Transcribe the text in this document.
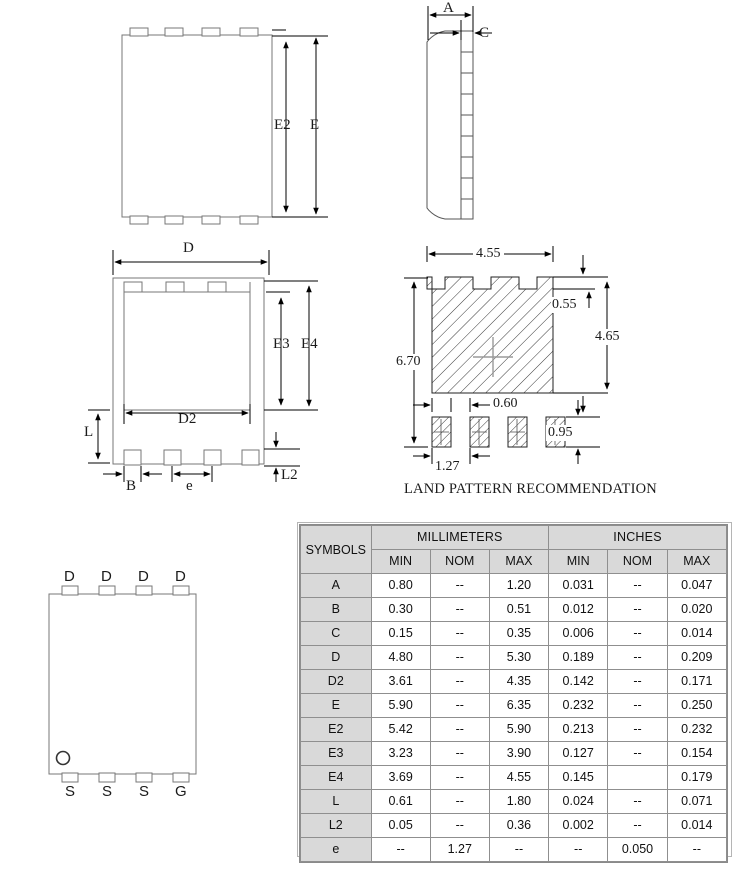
E2 E
A
C
D
D2
E3 E4
L
L2
B	e
4.55
6.70
0.55
4.65
0.60
0.95
1.27
LAND PATTERN RECOMMENDATION
D D D D
S S S G
SYMBOLS	MILLIMETERS			INCHES		
	MIN	NOM	MAX	MIN	NOM	MAX
A	0.80	--	1.20	0.031	--	0.047
B	0.30	--	0.51	0.012	--	0.020
C	0.15	--	0.35	0.006	--	0.014
D	4.80	--	5.30	0.189	--	0.209
D2	3.61	--	4.35	0.142	--	0.171
E	5.90	--	6.35	0.232	--	0.250
E2	5.42	--	5.90	0.213	--	0.232
E3	3.23	--	3.90	0.127	--	0.154
E4	3.69	--	4.55	0.145		0.179
L	0.61	--	1.80	0.024	--	0.071
L2	0.05	--	0.36	0.002	--	0.014
e	--	1.27	--	--	0.050	--
